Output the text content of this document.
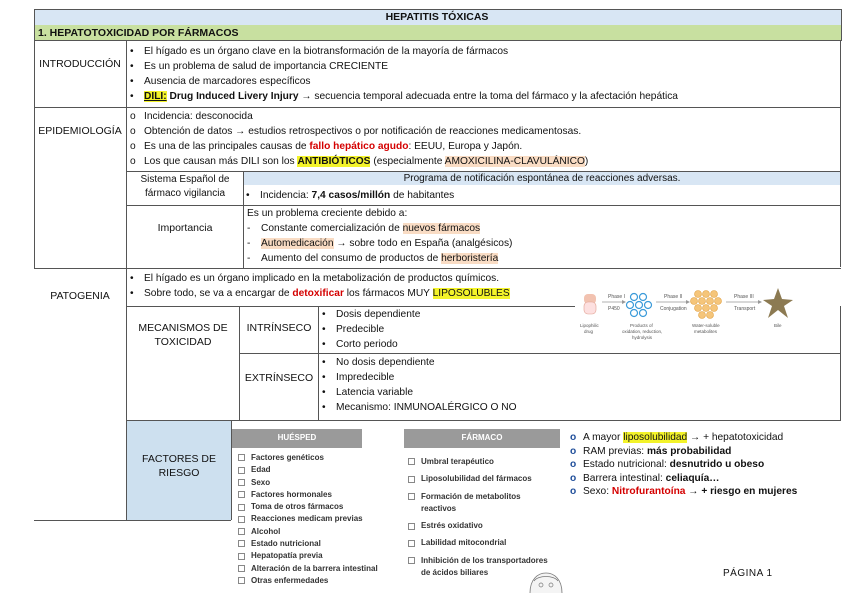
HEPATITIS TÓXICAS
1. HEPATOTOXICIDAD POR FÁRMACOS
INTRODUCCIÓN
• El hígado es un órgano clave en la biotransformación de la mayoría de fármacos
• Es un problema de salud de importancia CRECIENTE
• Ausencia de marcadores específicos
• DILI: Drug Induced Livery Injury → secuencia temporal adecuada entre la toma del fármaco y la afectación hepática
EPIDEMIOLOGÍA
o Incidencia: desconocida
o Obtención de datos → estudios retrospectivos o por notificación de reacciones medicamentosas.
o Es una de las principales causas de fallo hepático agudo: EEUU, Europa y Japón.
o Los que causan más DILI son los ANTIBIÓTICOS (especialmente AMOXICILINA-CLAVULÁNICO)
Sistema Español de fármaco vigilancia
Programa de notificación espontánea de reacciones adversas.
• Incidencia: 7,4 casos/millón de habitantes
Importancia
Es un problema creciente debido a:
- Constante comercialización de nuevos fármacos
- Automedicación → sobre todo en España (analgésicos)
- Aumento del consumo de productos de herboristería
PATOGENIA
• El hígado es un órgano implicado en la metabolización de productos químicos.
• Sobre todo, se va a encargar de detoxificar los fármacos MUY LIPOSOLUBLES	Phase I
P450
Phase II
Conjugation
Phase III
Transport
Lipophilic
drug
Products of
oxidation, reduction,
hydrolysis
Water-soluble
metabolites
Bile
MECANISMOS DE TOXICIDAD
INTRÍNSECO
• Dosis dependiente
• Predecible
• Corto periodo
EXTRÍNSECO
• No dosis dependiente
• Impredecible
• Latencia variable
• Mecanismo: INMUNOALÉRGICO O NO
FACTORES DE RIESGO
HUÉSPED
Factores genéticos
Edad
Sexo
Factores hormonales
Toma de otros fármacos
Reacciones medicam previas
Alcohol
Estado nutricional
Hepatopatía previa
Alteración de la barrera intestinal
Otras enfermedades
FÁRMACO
Umbral terapéutico
Liposolubilidad del fármacos
Formación de metabolitos
reactivos
Estrés oxidativo
Labilidad mitocondrial
Inhibición de los transportadores
de ácidos biliares
o A mayor liposolubilidad → + hepatotoxicidad
o RAM previas: más probabilidad
o Estado nutricional: desnutrido u obeso
o Barrera intestinal: celiaquía…
o Sexo: Nitrofurantoína → + riesgo en mujeres
PÁGINA 1
